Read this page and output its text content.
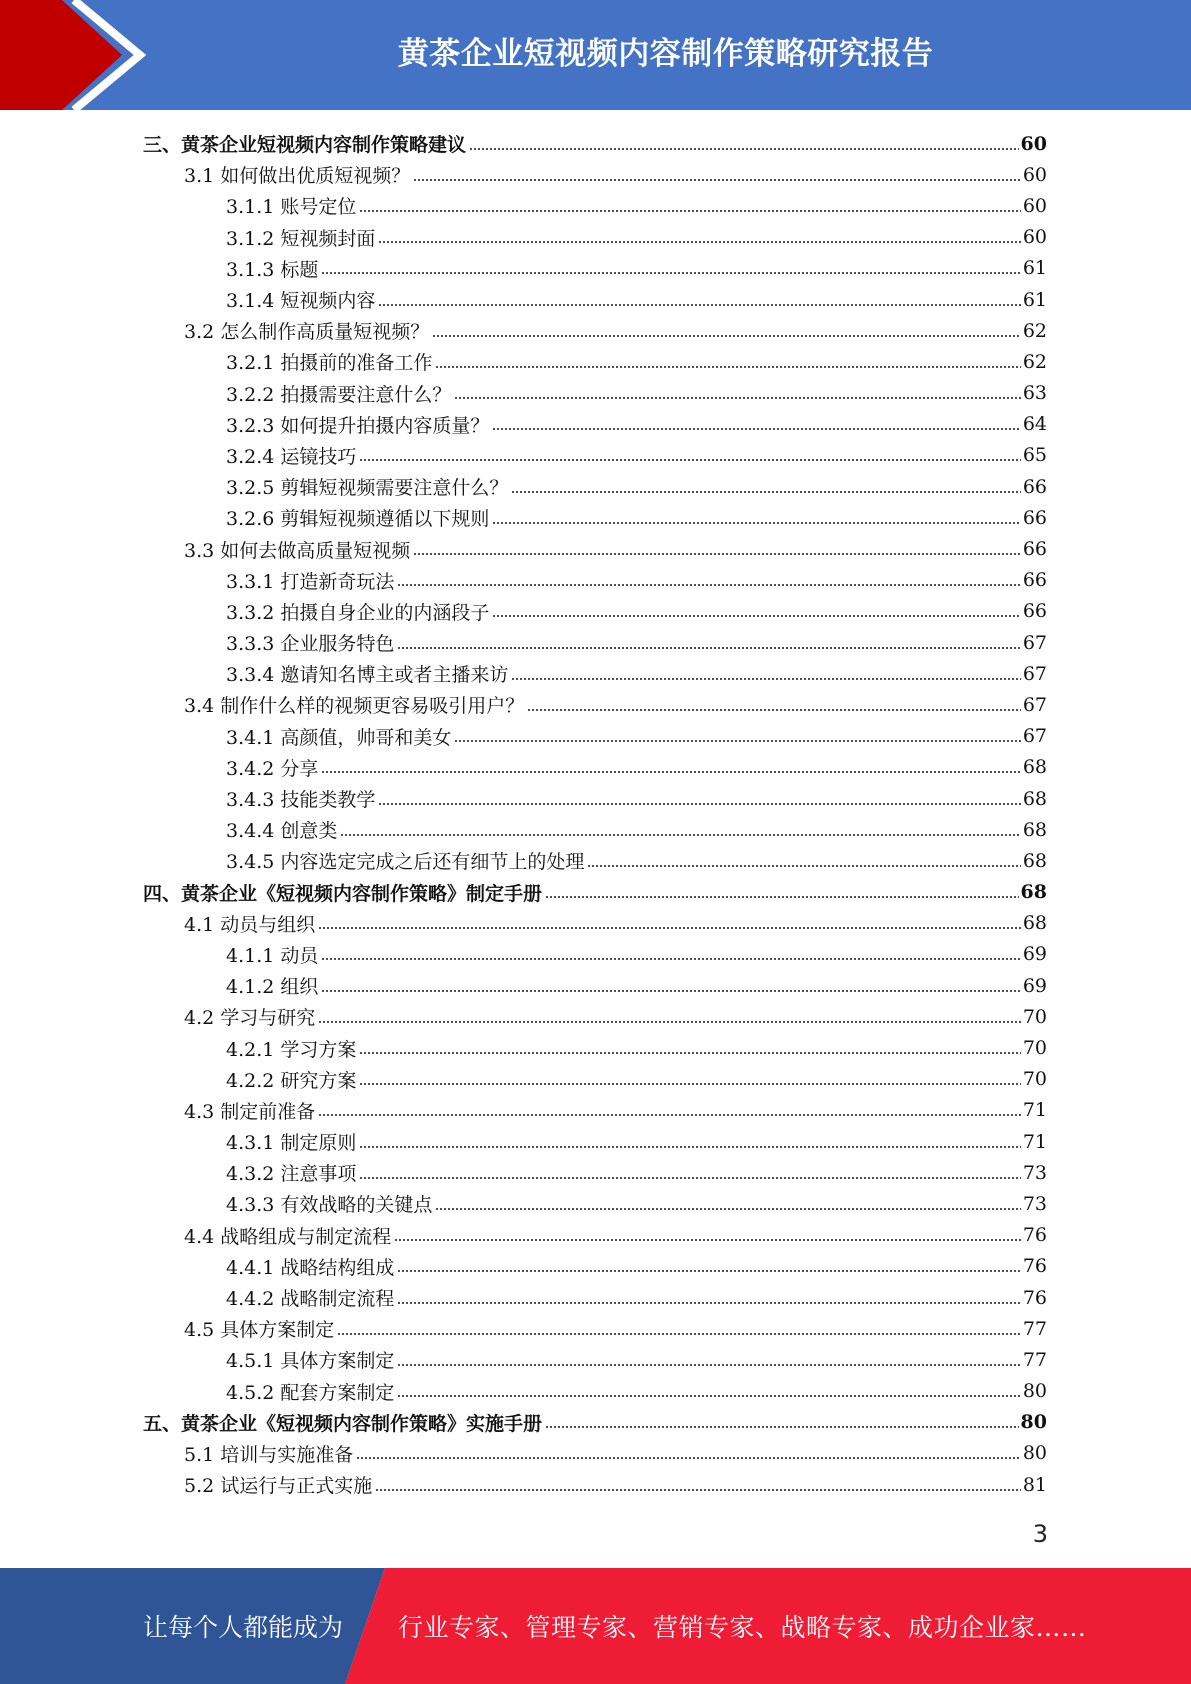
黄茶企业短视频内容制作策略研究报告
三、黄茶企业短视频内容制作策略建议	60
3.1 如何做出优质短视频？	60
3.1.1 账号定位	60
3.1.2 短视频封面	60
3.1.3 标题	61
3.1.4 短视频内容	61
3.2 怎么制作高质量短视频？	62
3.2.1 拍摄前的准备工作	62
3.2.2 拍摄需要注意什么？	63
3.2.3 如何提升拍摄内容质量？	64
3.2.4 运镜技巧	65
3.2.5 剪辑短视频需要注意什么？	66
3.2.6 剪辑短视频遵循以下规则	66
3.3 如何去做高质量短视频	66
3.3.1 打造新奇玩法	66
3.3.2 拍摄自身企业的内涵段子	66
3.3.3 企业服务特色	67
3.3.4 邀请知名博主或者主播来访	67
3.4 制作什么样的视频更容易吸引用户？	67
3.4.1 高颜值，帅哥和美女	67
3.4.2 分享	68
3.4.3 技能类教学	68
3.4.4 创意类	68
3.4.5 内容选定完成之后还有细节上的处理	68
四、黄茶企业《短视频内容制作策略》制定手册	68
4.1 动员与组织	68
4.1.1 动员	69
4.1.2 组织	69
4.2 学习与研究	70
4.2.1 学习方案	70
4.2.2 研究方案	70
4.3 制定前准备	71
4.3.1 制定原则	71
4.3.2 注意事项	73
4.3.3 有效战略的关键点	73
4.4 战略组成与制定流程	76
4.4.1 战略结构组成	76
4.4.2 战略制定流程	76
4.5 具体方案制定	77
4.5.1 具体方案制定	77
4.5.2 配套方案制定	80
五、黄茶企业《短视频内容制作策略》实施手册	80
5.1 培训与实施准备	80
5.2 试运行与正式实施	81
3
让每个人都能成为 行业专家、管理专家、营销专家、战略专家、成功企业家……
